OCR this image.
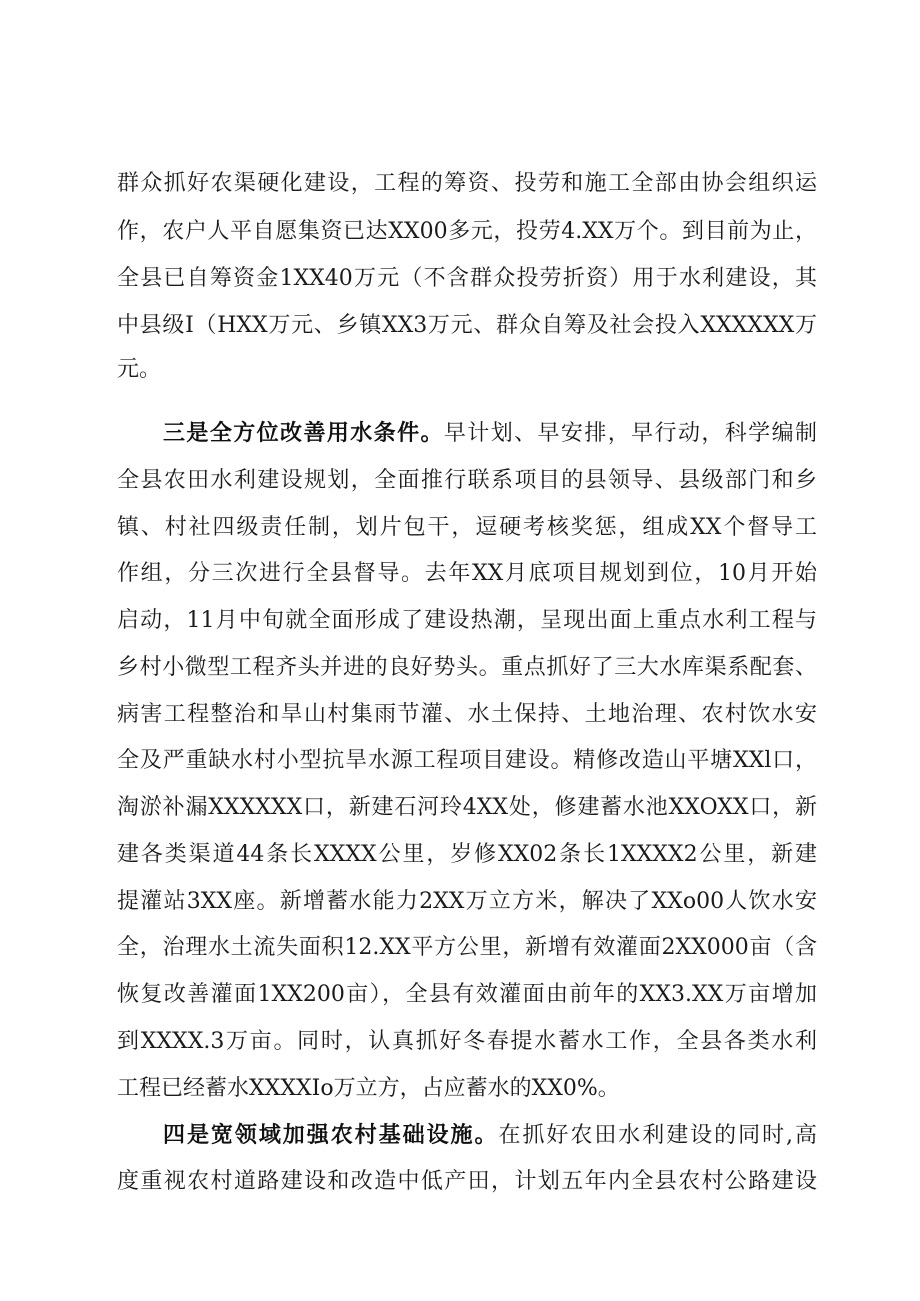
群众抓好农渠硬化建设，工程的筹资、投劳和施工全部由协会组织运
作，农户人平自愿集资已达XX00多元，投劳4.XX万个。到目前为止，
全县已自筹资金1XX40万元（不含群众投劳折资）用于水利建设，其
中县级I（HXX万元、乡镇XX3万元、群众自筹及社会投入XXXXXX万
元。
三是全方位改善用水条件。早计划、早安排，早行动，科学编制
全县农田水利建设规划，全面推行联系项目的县领导、县级部门和乡
镇、村社四级责任制，划片包干，逗硬考核奖惩，组成XX个督导工
作组，分三次进行全县督导。去年XX月底项目规划到位，10月开始
启动，11月中旬就全面形成了建设热潮，呈现出面上重点水利工程与
乡村小微型工程齐头并进的良好势头。重点抓好了三大水库渠系配套、
病害工程整治和旱山村集雨节灌、水土保持、土地治理、农村饮水安
全及严重缺水村小型抗旱水源工程项目建设。精修改造山平塘XXl口，
淘淤补漏XXXXXX口，新建石河玲4XX处，修建蓄水池XXOXX口，新
建各类渠道44条长XXXX公里，岁修XX02条长1XXXX2公里，新建
提灌站3XX座。新增蓄水能力2XX万立方米，解决了XXo00人饮水安
全，治理水土流失面积12.XX平方公里，新增有效灌面2XX000亩（含
恢复改善灌面1XX200亩），全县有效灌面由前年的XX3.XX万亩增加
到XXXX.3万亩。同时，认真抓好冬春提水蓄水工作，全县各类水利
工程已经蓄水XXXXIo万立方，占应蓄水的XX0%。
四是宽领域加强农村基础设施。在抓好农田水利建设的同时,高
度重视农村道路建设和改造中低产田，计划五年内全县农村公路建设
